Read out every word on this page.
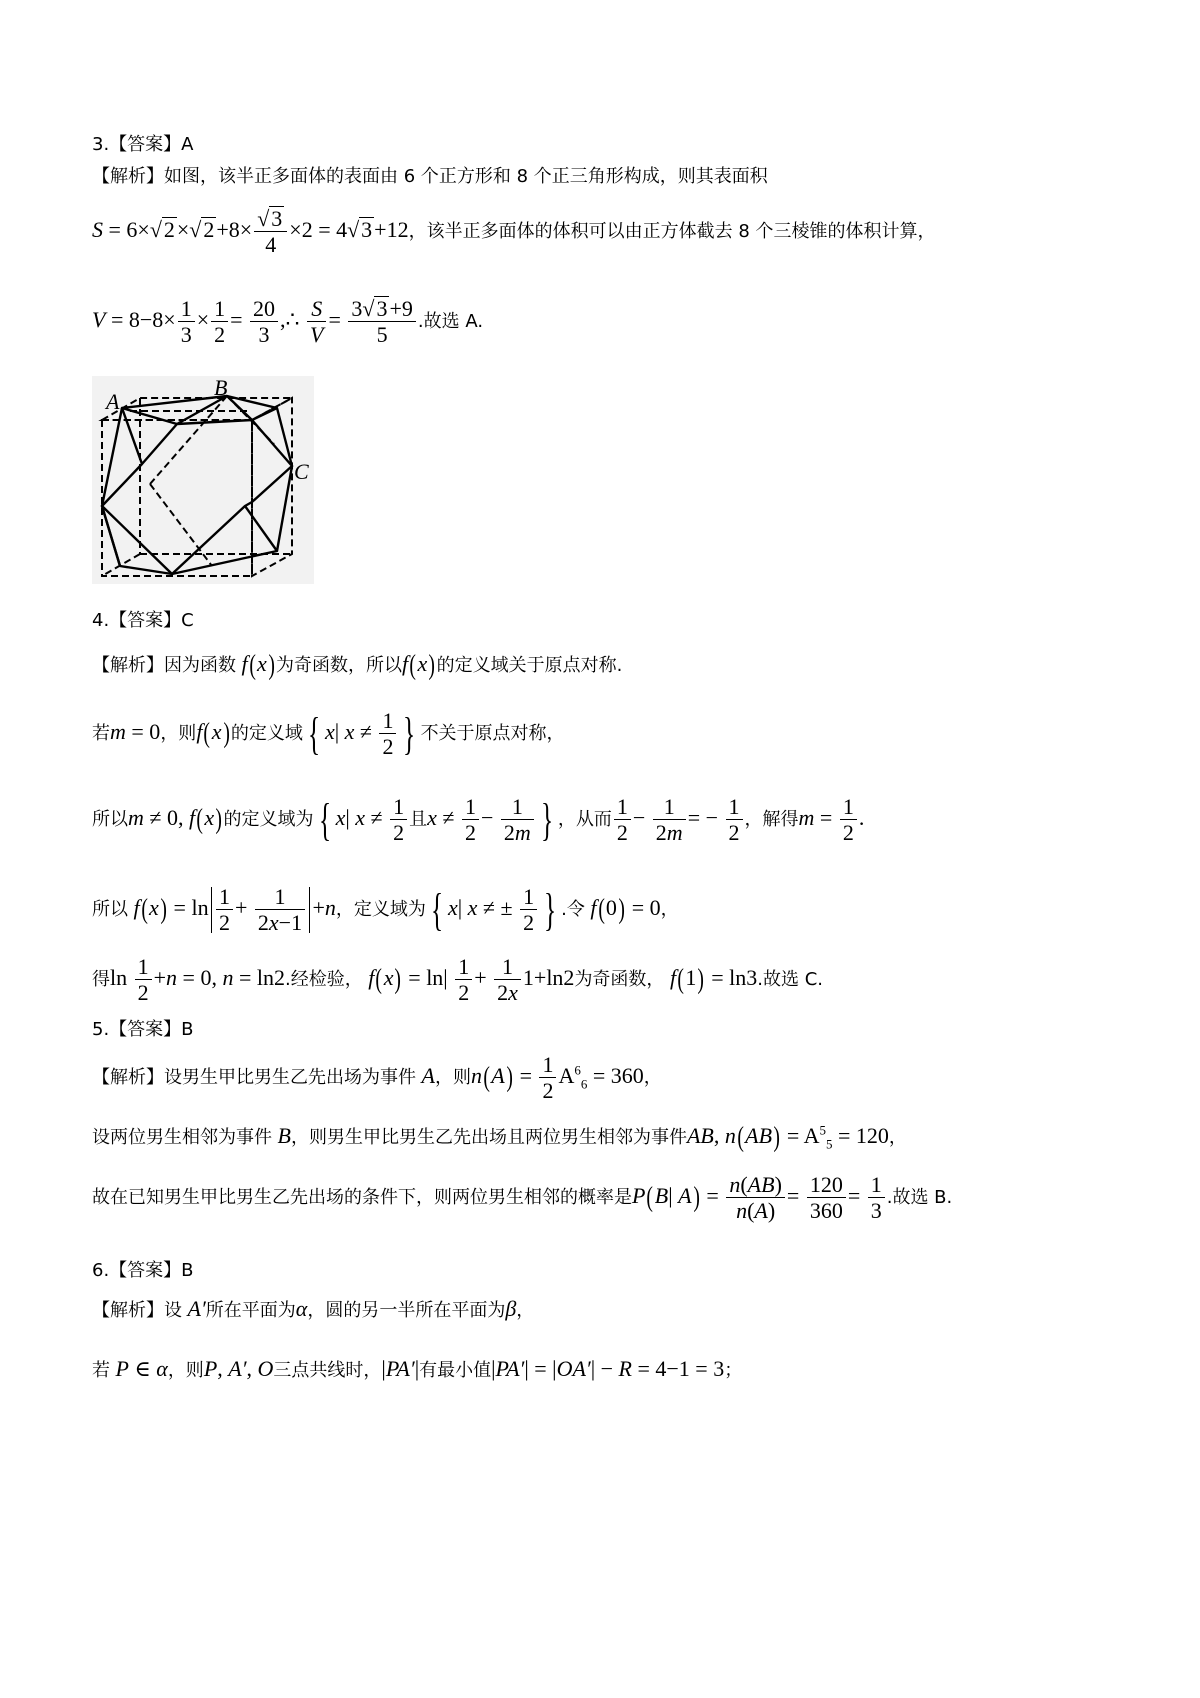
3.【答案】A
【解析】如图，该半正多面体的表面由 6 个正方形和 8 个正三角形构成，则其表面积
$S = 6\times√2\times√2+8\times \frac{√3}{4} \times 2 = 4√3+12$，该半正多面体的体积可以由正方体截去 8 个三棱锥的体积计算，
$V = 8-8\times \frac{1}{3} \times \frac{1}{2} = \frac{20}{3}$ ,∴ $\frac{S}{V} = \frac{3√3+9}{5}$ .故选 A.
A
B
C
4.【答案】C
【解析】因为函数 f(x)为奇函数，所以f(x)的定义域关于原点对称.
若m = 0，则f(x)的定义域 { x| $x \ne \frac{1}{2}$ } 不关于原点对称，
所以m ≠ 0, f(x)的定义域为 { x| $x \ne \frac{1}{2}$ 且$x \ne \frac{1}{2} - \frac{1}{2m}$ } ，从而 $\frac{1}{2} - \frac{1}{2m}$ = − $\frac{1}{2}$ ，解得$m = \frac{1}{2}$ .
所以 $f(x) = \ln \frac{1}{2} + \frac{1}{2x-1} +n$，定义域为 { x| x ≠ ± $\frac{1}{2}$ } .令 f(0) = 0，
得$\ln \frac{1}{2} +n = 0$, n = ln2.经检验， $f(x) = \ln| \frac{1}{2} + \frac{1}{2x} 1+\ln 2$为奇函数， f(1) = ln3.故选 C.
5.【答案】B
【解析】设男生甲比男生乙先出场为事件 A，则$n(A) = \frac{1}{2} A^6_6 = 360$，
设两位男生相邻为事件 B，则男生甲比男生乙先出场且两位男生相邻为事件AB, $n(AB) = A^5_5 = 120$，
故在已知男生甲比男生乙先出场的条件下，则两位男生相邻的概率是P(B| $A) = \frac{n(AB)}{n(A)} = \frac{120}{360} = \frac{1}{3}$ .故选 B.
6.【答案】B
【解析】设 A′所在平面为α，圆的另一半所在平面为β，
若 P ∈ α，则P, A′, O三点共线时，|PA′|有最小值|PA′| = |OA′| − R = 4−1 = 3；
